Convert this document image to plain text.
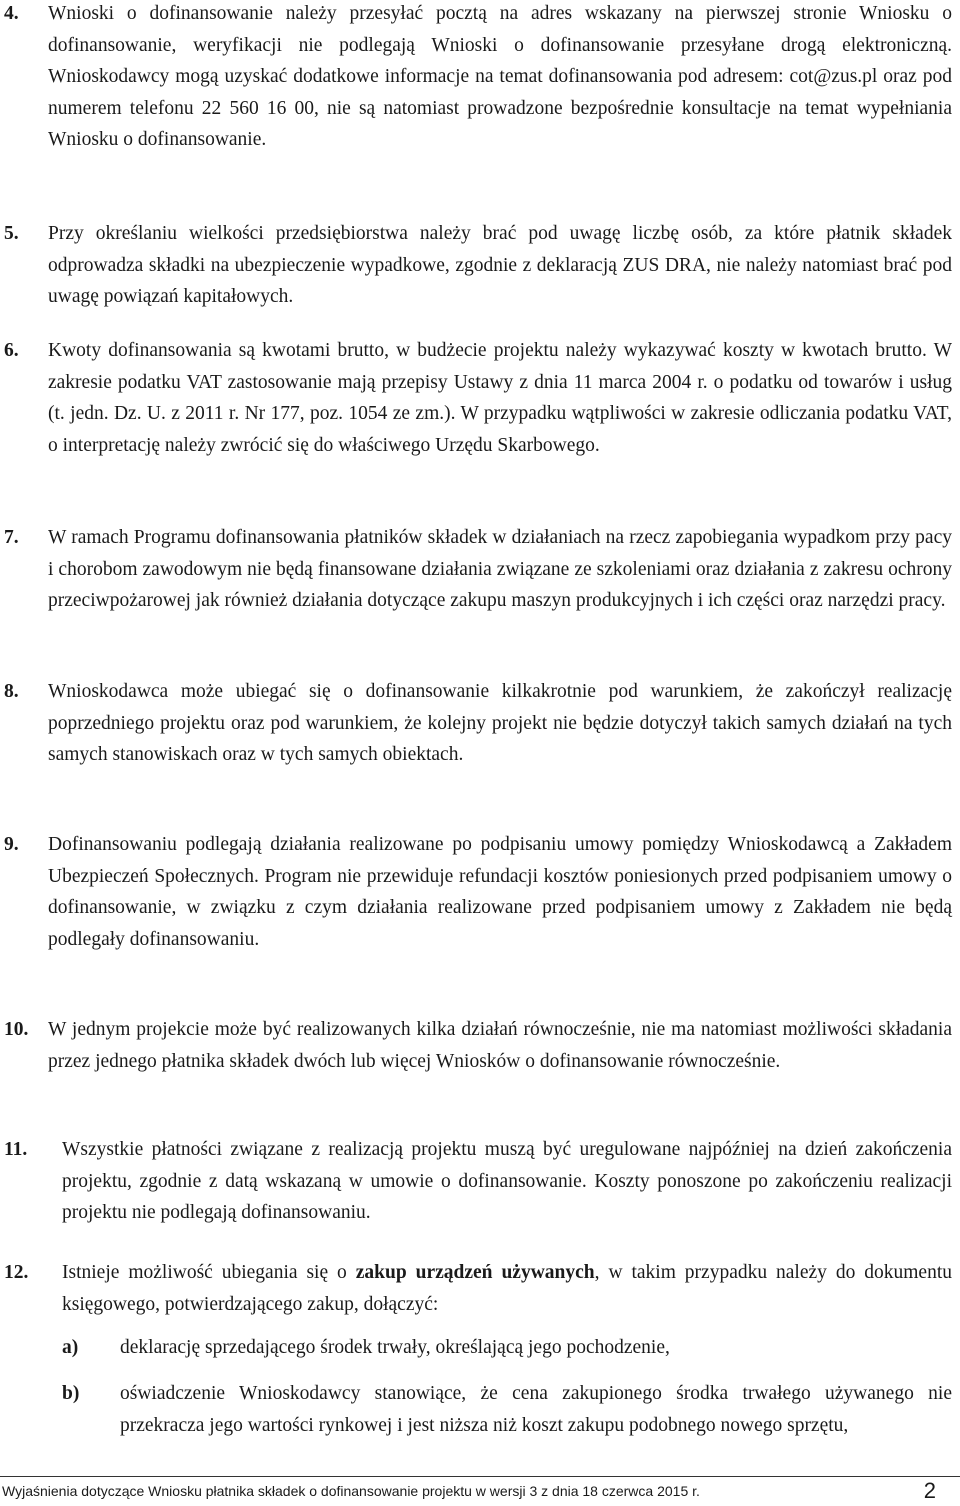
4. Wnioski o dofinansowanie należy przesyłać pocztą na adres wskazany na pierwszej stronie Wniosku o dofinansowanie, weryfikacji nie podlegają Wnioski o dofinansowanie przesyłane drogą elektroniczną. Wnioskodawcy mogą uzyskać dodatkowe informacje na temat dofinansowania pod adresem: cot@zus.pl oraz pod numerem telefonu 22 560 16 00, nie są natomiast prowadzone bezpośrednie konsultacje na temat wypełniania Wniosku o dofinansowanie.

5. Przy określaniu wielkości przedsiębiorstwa należy brać pod uwagę liczbę osób, za które płatnik składek odprowadza składki na ubezpieczenie wypadkowe, zgodnie z deklaracją ZUS DRA, nie należy natomiast brać pod uwagę powiązań kapitałowych.

6. Kwoty dofinansowania są kwotami brutto, w budżecie projektu należy wykazywać koszty w kwotach brutto. W zakresie podatku VAT zastosowanie mają przepisy Ustawy z dnia 11 marca 2004 r. o podatku od towarów i usług (t. jedn. Dz. U. z 2011 r. Nr 177, poz. 1054 ze zm.). W przypadku wątpliwości w zakresie odliczania podatku VAT, o interpretację należy zwrócić się do właściwego Urzędu Skarbowego.

7. W ramach Programu dofinansowania płatników składek w działaniach na rzecz zapobiegania wypadkom przy pacy i chorobom zawodowym nie będą finansowane działania związane ze szkoleniami oraz działania z zakresu ochrony przeciwpożarowej jak również działania dotyczące zakupu maszyn produkcyjnych i ich części oraz narzędzi pracy.

8. Wnioskodawca może ubiegać się o dofinansowanie kilkakrotnie pod warunkiem, że zakończył realizację poprzedniego projektu oraz pod warunkiem, że kolejny projekt nie będzie dotyczył takich samych działań na tych samych stanowiskach oraz w tych samych obiektach.

9. Dofinansowaniu podlegają działania realizowane po podpisaniu umowy pomiędzy Wnioskodawcą a Zakładem Ubezpieczeń Społecznych. Program nie przewiduje refundacji kosztów poniesionych przed podpisaniem umowy o dofinansowanie, w związku z czym działania realizowane przed podpisaniem umowy z Zakładem nie będą podlegały dofinansowaniu.

10. W jednym projekcie może być realizowanych kilka działań równocześnie, nie ma natomiast możliwości składania przez jednego płatnika składek dwóch lub więcej Wniosków o dofinansowanie równocześnie.

11. Wszystkie płatności związane z realizacją projektu muszą być uregulowane najpóźniej na dzień zakończenia projektu, zgodnie z datą wskazaną w umowie o dofinansowanie. Koszty ponoszone po zakończeniu realizacji projektu nie podlegają dofinansowaniu.

12. Istnieje możliwość ubiegania się o zakup urządzeń używanych, w takim przypadku należy do dokumentu księgowego, potwierdzającego zakup, dołączyć:

a) deklarację sprzedającego środek trwały, określającą jego pochodzenie,

b) oświadczenie Wnioskodawcy stanowiące, że cena zakupionego środka trwałego używanego nie przekracza jego wartości rynkowej i jest niższa niż koszt zakupu podobnego nowego sprzętu,

Wyjaśnienia dotyczące Wniosku płatnika składek o dofinansowanie projektu w wersji 3 z dnia 18 czerwca 2015 r.	2
